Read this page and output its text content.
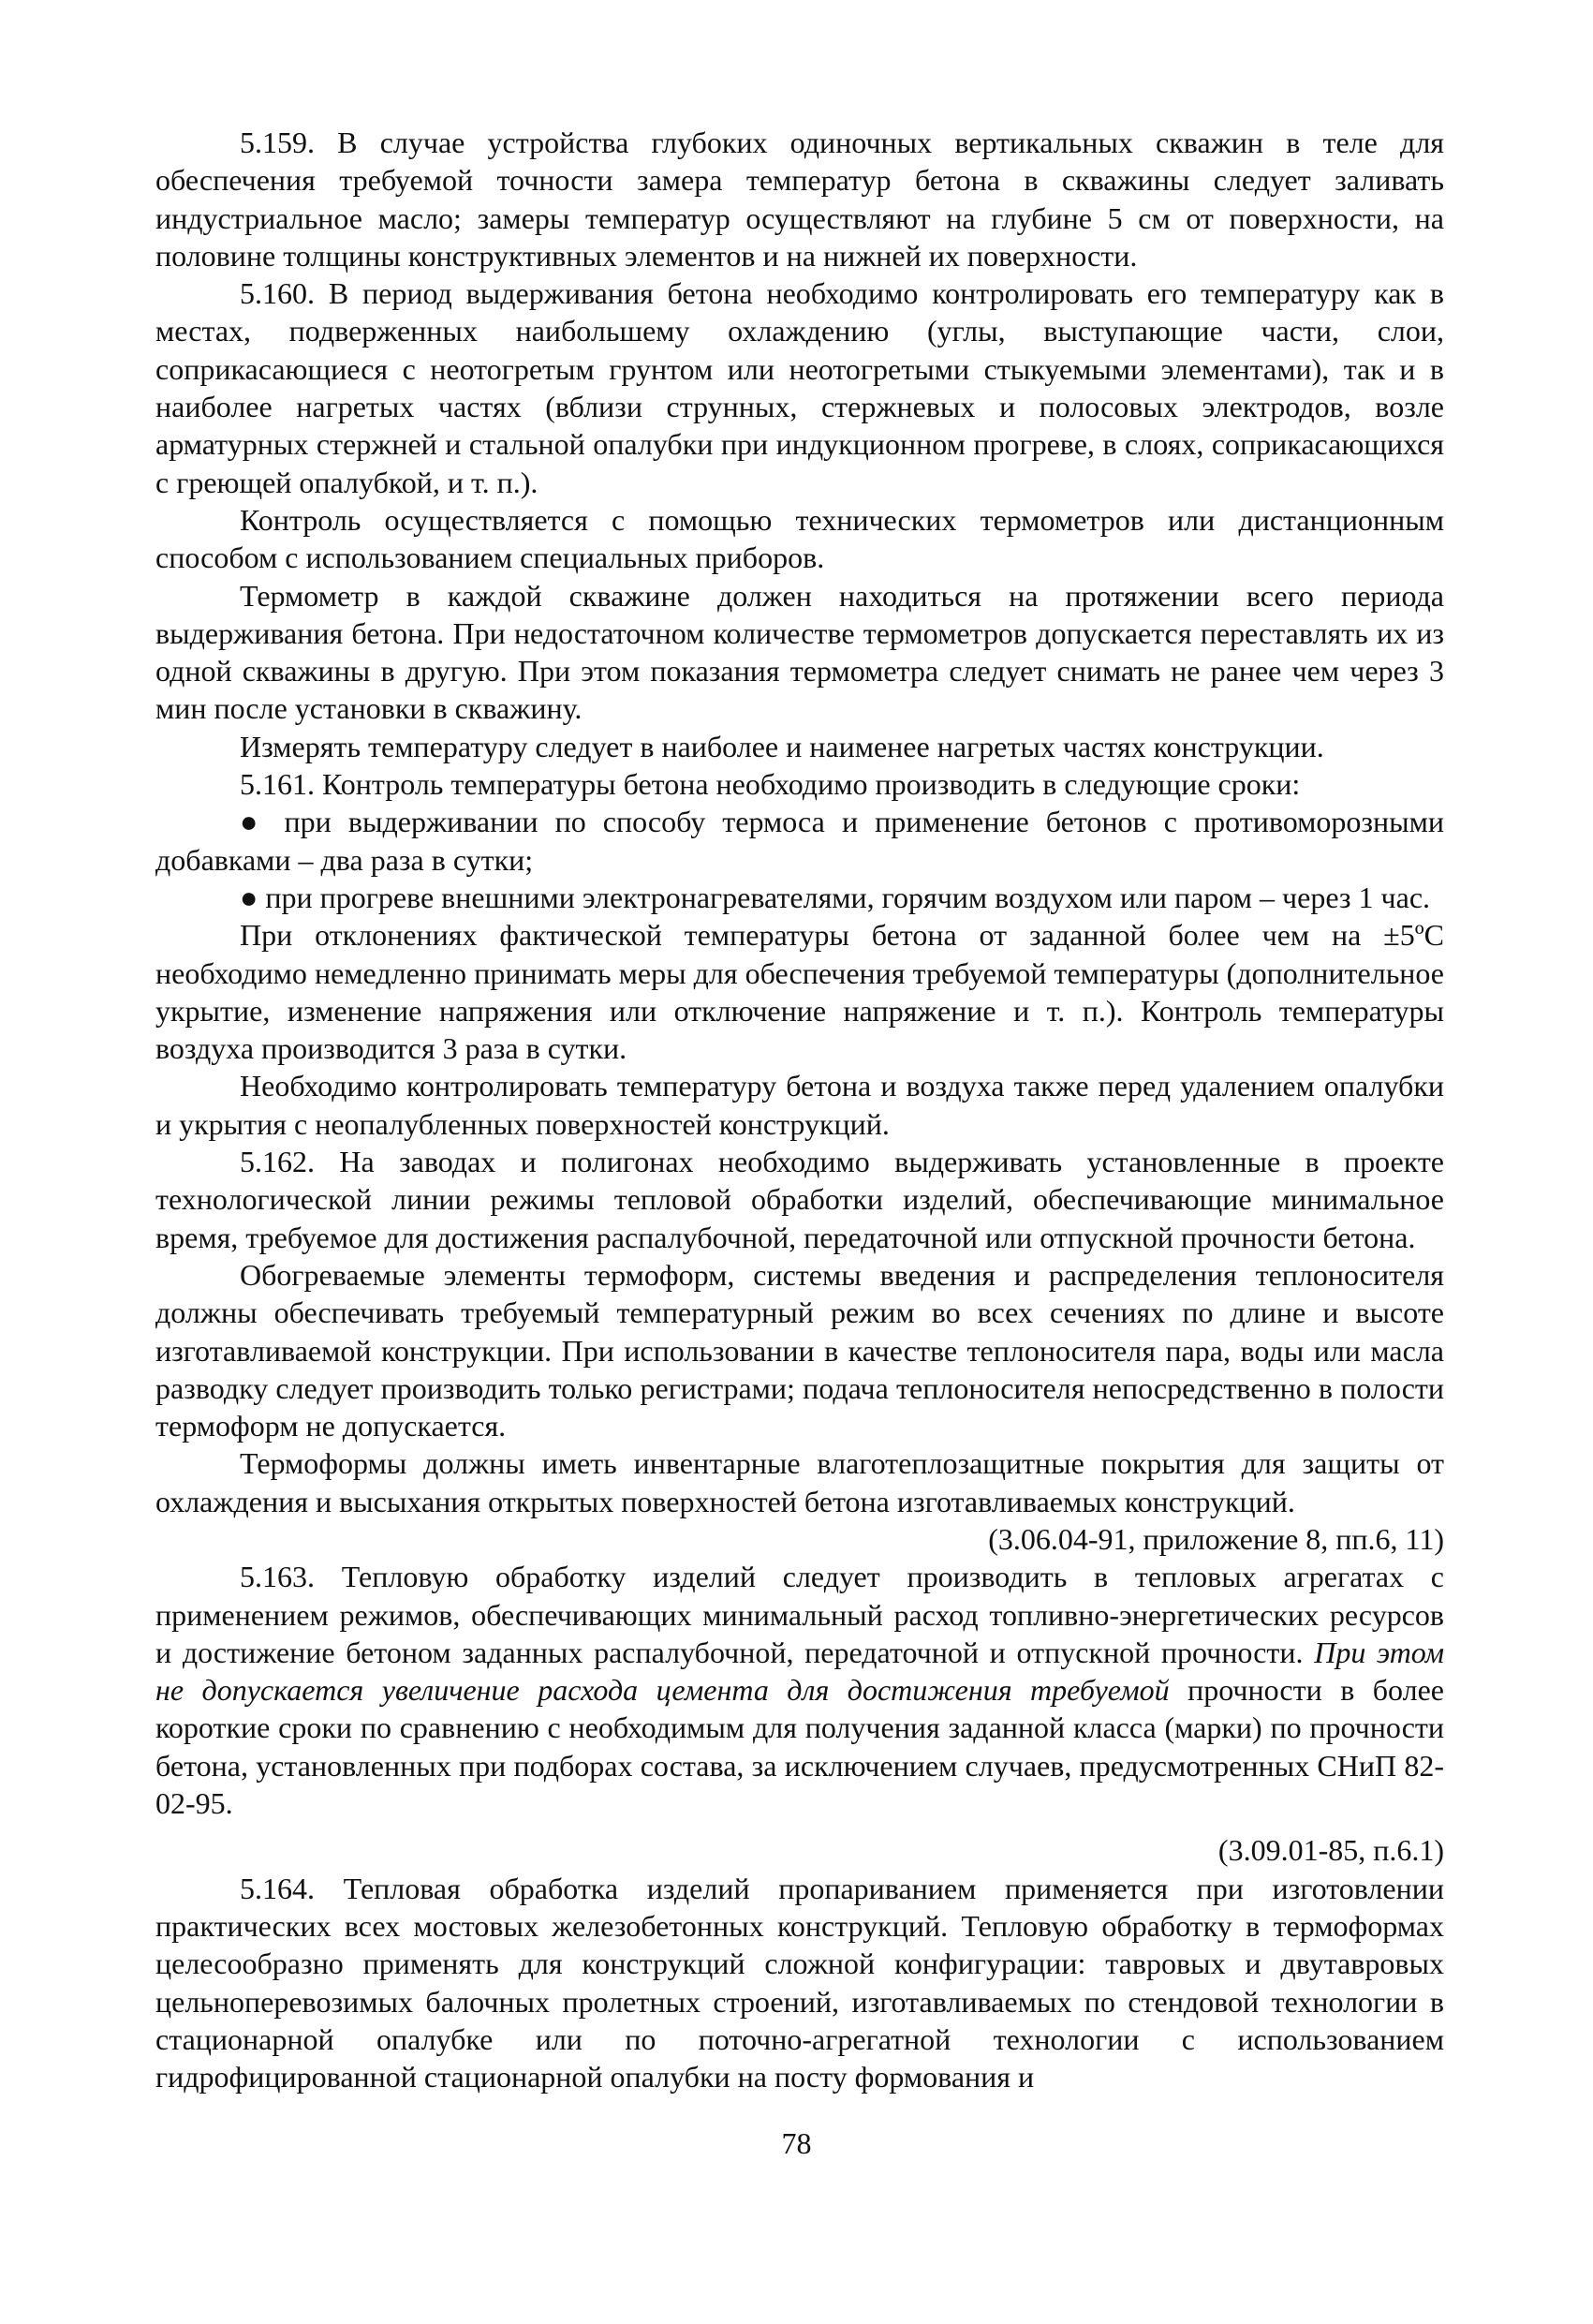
5.159. В случае устройства глубоких одиночных вертикальных скважин в теле для обеспечения требуемой точности замера температур бетона в скважины следует заливать индустриальное масло; замеры температур осуществляют на глубине 5 см от поверхности, на половине толщины конструктивных элементов и на нижней их поверхности.

5.160. В период выдерживания бетона необходимо контролировать его температуру как в местах, подверженных наибольшему охлаждению (углы, выступающие части, слои, соприкасающиеся с неотогретым грунтом или неотогретыми стыкуемыми элементами), так и в наиболее нагретых частях (вблизи струнных, стержневых и полосовых электродов, возле арматурных стержней и стальной опалубки при индукционном прогреве, в слоях, соприкасающихся с греющей опалубкой, и т. п.).

Контроль осуществляется с помощью технических термометров или дистанционным способом с использованием специальных приборов.

Термометр в каждой скважине должен находиться на протяжении всего периода выдерживания бетона. При недостаточном количестве термометров допускается переставлять их из одной скважины в другую. При этом показания термометра следует снимать не ранее чем через 3 мин после установки в скважину.

Измерять температуру следует в наиболее и наименее нагретых частях конструкции.

5.161. Контроль температуры бетона необходимо производить в следующие сроки:

● при выдерживании по способу термоса и применение бетонов с противоморозными добавками – два раза в сутки;

● при прогреве внешними электронагревателями, горячим воздухом или паром – через 1 час.

При отклонениях фактической температуры бетона от заданной более чем на ±5ºС необходимо немедленно принимать меры для обеспечения требуемой температуры (дополнительное укрытие, изменение напряжения или отключение напряжение и т. п.). Контроль температуры воздуха производится 3 раза в сутки.

Необходимо контролировать температуру бетона и воздуха также перед удалением опалубки и укрытия с неопалубленных поверхностей конструкций.

5.162. На заводах и полигонах необходимо выдерживать установленные в проекте технологической линии режимы тепловой обработки изделий, обеспечивающие минимальное время, требуемое для достижения распалубочной, передаточной или отпускной прочности бетона.

Обогреваемые элементы термоформ, системы введения и распределения теплоносителя должны обеспечивать требуемый температурный режим во всех сечениях по длине и высоте изготавливаемой конструкции. При использовании в качестве теплоносителя пара, воды или масла разводку следует производить только регистрами; подача теплоносителя непосредственно в полости термоформ не допускается.

Термоформы должны иметь инвентарные влаготеплозащитные покрытия для защиты от охлаждения и высыхания открытых поверхностей бетона изготавливаемых конструкций.

(3.06.04-91, приложение 8, пп.6, 11)

5.163. Тепловую обработку изделий следует производить в тепловых агрегатах с применением режимов, обеспечивающих минимальный расход топливно-энергетических ресурсов и достижение бетоном заданных распалубочной, передаточной и отпускной прочности. При этом не допускается увеличение расхода цемента для достижения требуемой прочности в более короткие сроки по сравнению с необходимым для получения заданной класса (марки) по прочности бетона, установленных при подборах состава, за исключением случаев, предусмотренных СНиП 82-02-95.

(3.09.01-85, п.6.1)

5.164. Тепловая обработка изделий пропариванием применяется при изготовлении практических всех мостовых железобетонных конструкций. Тепловую обработку в термоформах целесообразно применять для конструкций сложной конфигурации: тавровых и двутавровых цельноперевозимых балочных пролетных строений, изготавливаемых по стендовой технологии в стационарной опалубке или по поточно-агрегатной технологии с использованием гидрофицированной стационарной опалубки на посту формования и

78
